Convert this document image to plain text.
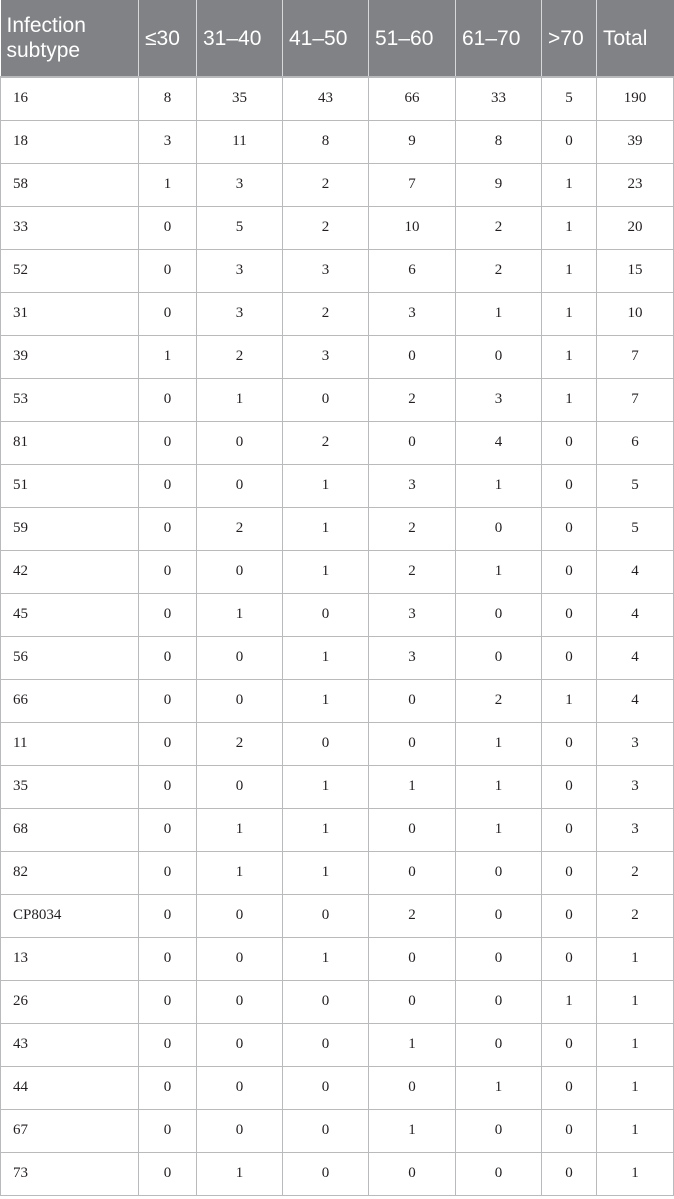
Infection subtype	≤30	31–40	41–50	51–60	61–70	>70	Total
16	8	35	43	66	33	5	190
18	3	11	8	9	8	0	39
58	1	3	2	7	9	1	23
33	0	5	2	10	2	1	20
52	0	3	3	6	2	1	15
31	0	3	2	3	1	1	10
39	1	2	3	0	0	1	7
53	0	1	0	2	3	1	7
81	0	0	2	0	4	0	6
51	0	0	1	3	1	0	5
59	0	2	1	2	0	0	5
42	0	0	1	2	1	0	4
45	0	1	0	3	0	0	4
56	0	0	1	3	0	0	4
66	0	0	1	0	2	1	4
11	0	2	0	0	1	0	3
35	0	0	1	1	1	0	3
68	0	1	1	0	1	0	3
82	0	1	1	0	0	0	2
CP8034	0	0	0	2	0	0	2
13	0	0	1	0	0	0	1
26	0	0	0	0	0	1	1
43	0	0	0	1	0	0	1
44	0	0	0	0	1	0	1
67	0	0	0	1	0	0	1
73	0	1	0	0	0	0	1
